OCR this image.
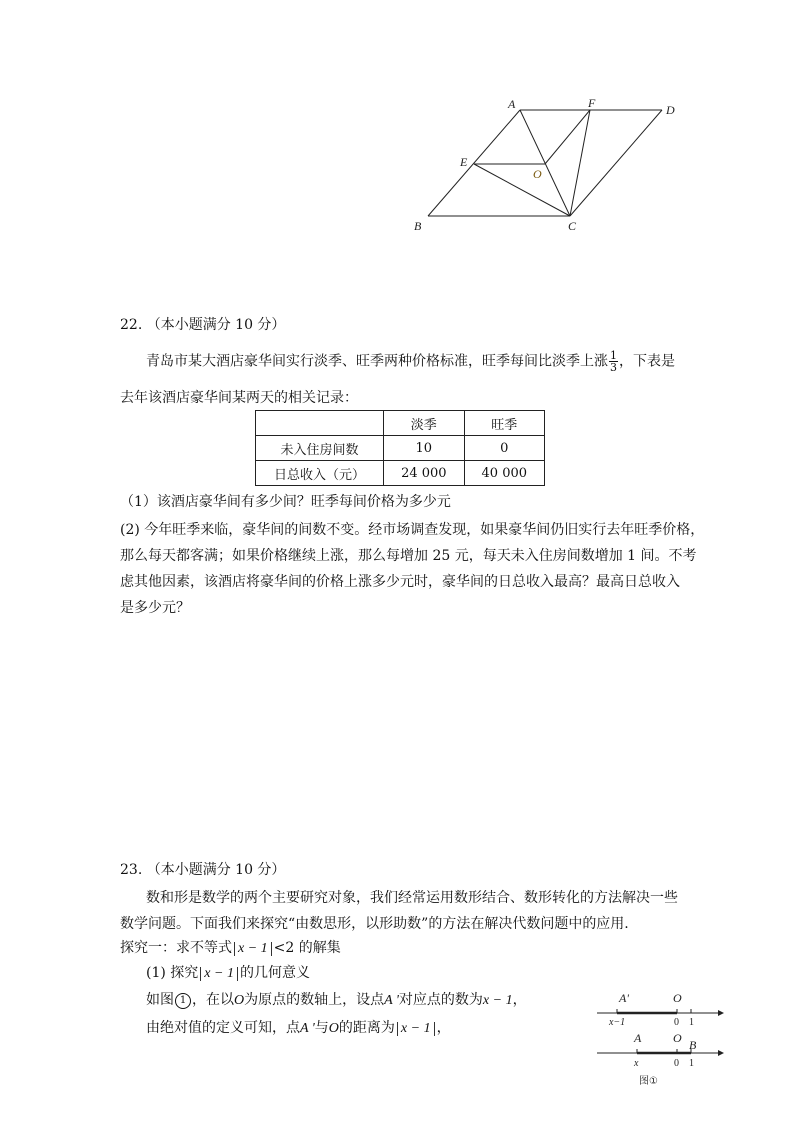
A	F	D
E
O
B	C
22. （本小题满分 10 分）
青岛市某大酒店豪华间实行淡季、旺季两种价格标准，旺季每间比淡季上涨 $\frac{1}{3}$ ，下表是
去年该酒店豪华间某两天的相关记录：
	淡季	旺季
未入住房间数	10	0
日总收入（元）	24 000	40 000
（1）该酒店豪华间有多少间？旺季每间价格为多少元
(2) 今年旺季来临，豪华间的间数不变。经市场调查发现，如果豪华间仍旧实行去年旺季价格，
那么每天都客满；如果价格继续上涨，那么每增加 25 元，每天未入住房间数增加 1 间。不考
虑其他因素，该酒店将豪华间的价格上涨多少元时，豪华间的日总收入最高？最高日总收入
是多少元？
23. （本小题满分 10 分）
数和形是数学的两个主要研究对象，我们经常运用数形结合、数形转化的方法解决一些
数学问题。下面我们来探究“由数思形，以形助数”的方法在解决代数问题中的应用.
探究一：求不等式 x − 1 <2 的解集
(1) 探究 x − 1 的几何意义
如图 1 ，在以O为原点的数轴上，设点A '对应点的数为x − 1，
由绝对值的定义可知，点A '与O的距离为 x − 1 ，
A'	O
x−1	0 1
A	O B
x	0 1
图①
